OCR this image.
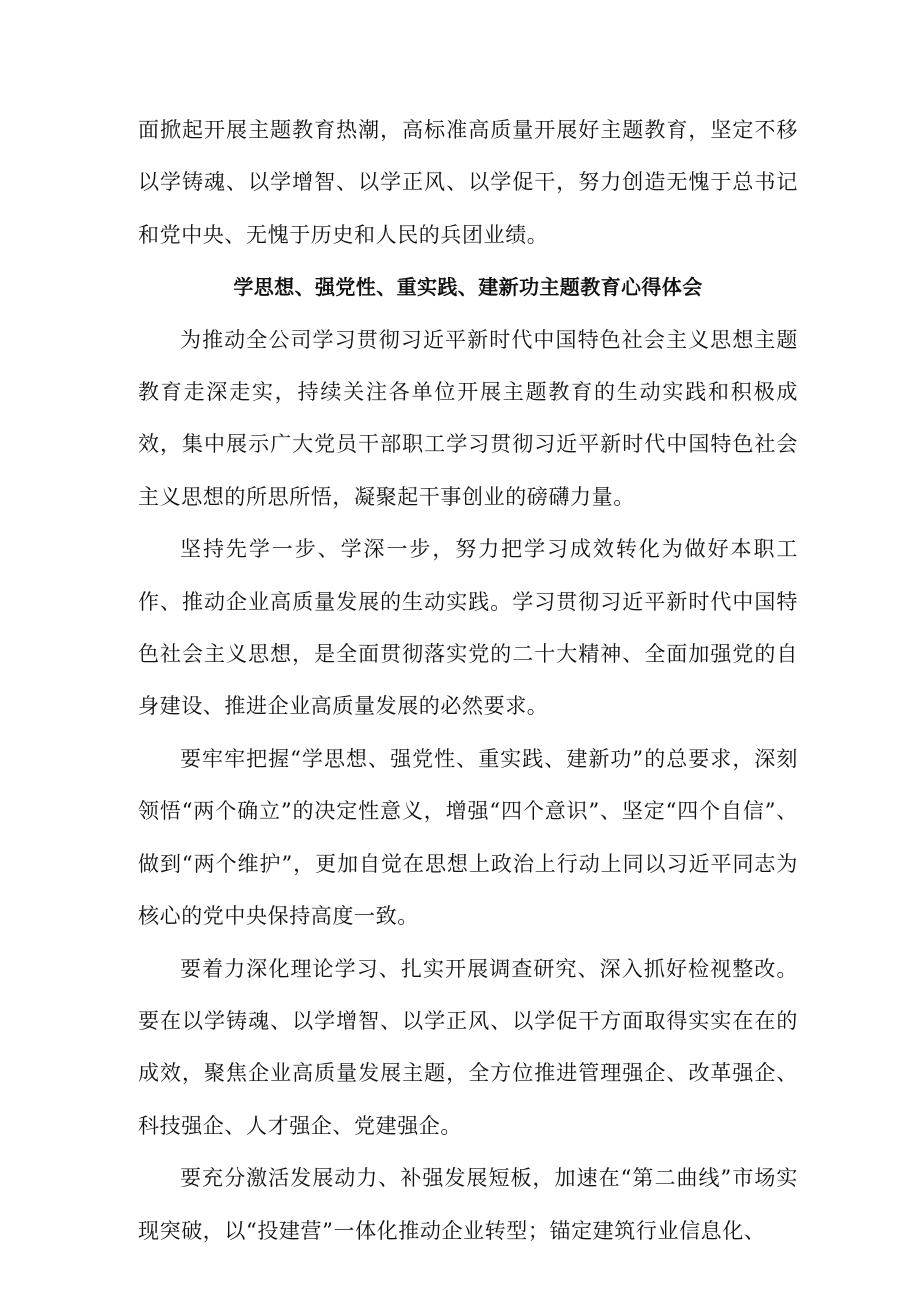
面掀起开展主题教育热潮，高标准高质量开展好主题教育，坚定不移以学铸魂、以学增智、以学正风、以学促干，努力创造无愧于总书记和党中央、无愧于历史和人民的兵团业绩。

学思想、强党性、重实践、建新功主题教育心得体会

为推动全公司学习贯彻习近平新时代中国特色社会主义思想主题教育走深走实，持续关注各单位开展主题教育的生动实践和积极成效，集中展示广大党员干部职工学习贯彻习近平新时代中国特色社会主义思想的所思所悟，凝聚起干事创业的磅礴力量。

坚持先学一步、学深一步，努力把学习成效转化为做好本职工作、推动企业高质量发展的生动实践。学习贯彻习近平新时代中国特色社会主义思想，是全面贯彻落实党的二十大精神、全面加强党的自身建设、推进企业高质量发展的必然要求。

要牢牢把握“学思想、强党性、重实践、建新功”的总要求，深刻领悟“两个确立”的决定性意义，增强“四个意识”、坚定“四个自信”、做到“两个维护”，更加自觉在思想上政治上行动上同以习近平同志为核心的党中央保持高度一致。

要着力深化理论学习、扎实开展调查研究、深入抓好检视整改。要在以学铸魂、以学增智、以学正风、以学促干方面取得实实在在的成效，聚焦企业高质量发展主题，全方位推进管理强企、改革强企、科技强企、人才强企、党建强企。

要充分激活发展动力、补强发展短板，加速在“第二曲线”市场实现突破，以“投建营”一体化推动企业转型；锚定建筑行业信息化、
